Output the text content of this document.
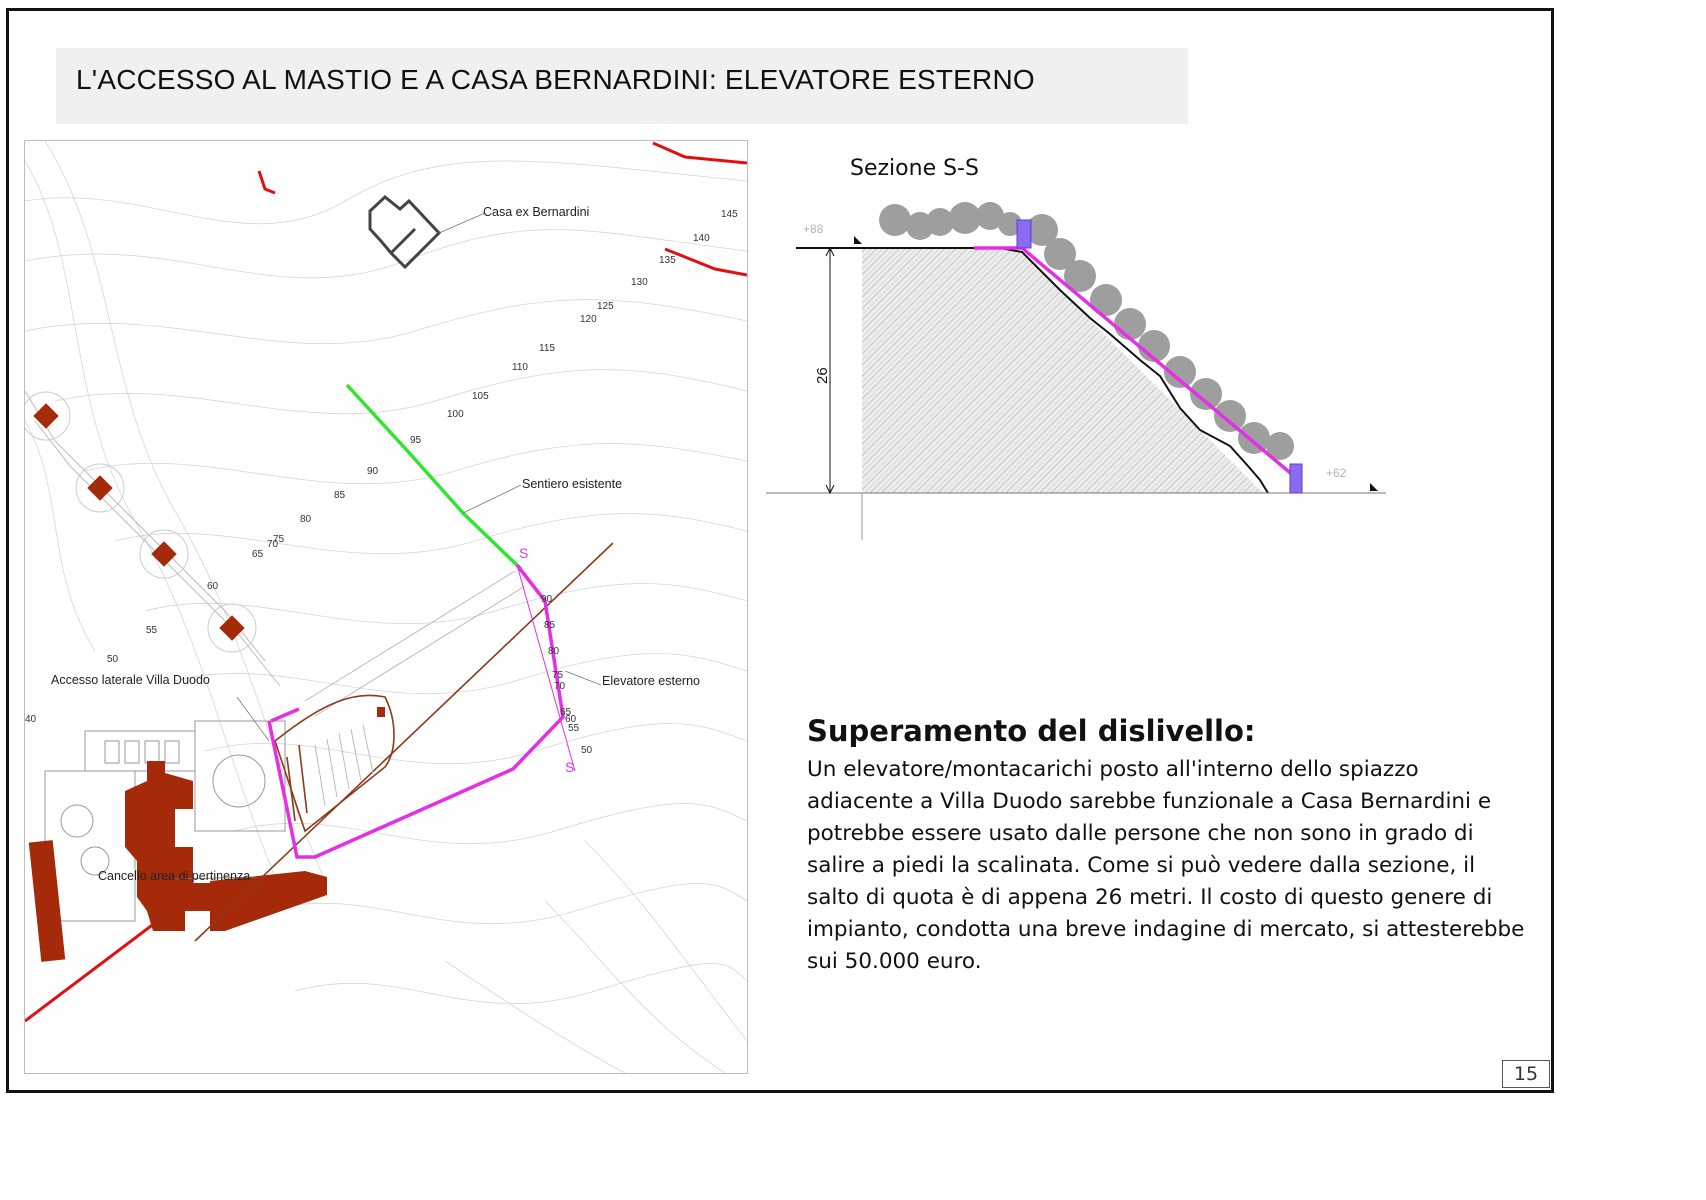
L'ACCESSO AL MASTIO E A CASA BERNARDINI: ELEVATORE ESTERNO
Casa ex Bernardini
Sentiero esistente
Elevatore esterno
Accesso laterale Villa Duodo
Cancello area di pertinenza
S
S
145
140
135
130
125
120
115
110
105
100
95
90
85
80
75
70
65
60
55
50
40
90
85
80
75
70
65
60
55
50
Sezione S-S
+88
+62
26
Superamento del dislivello:

Un elevatore/montacarichi posto all'interno dello spiazzo adiacente a Villa Duodo sarebbe funzionale a Casa Bernardini e potrebbe essere usato dalle persone che non sono in grado di salire a piedi la scalinata. Come si può vedere dalla sezione, il salto di quota è di appena 26 metri. Il costo di questo genere di impianto, condotta una breve indagine di mercato, si attesterebbe sui 50.000 euro.

15
